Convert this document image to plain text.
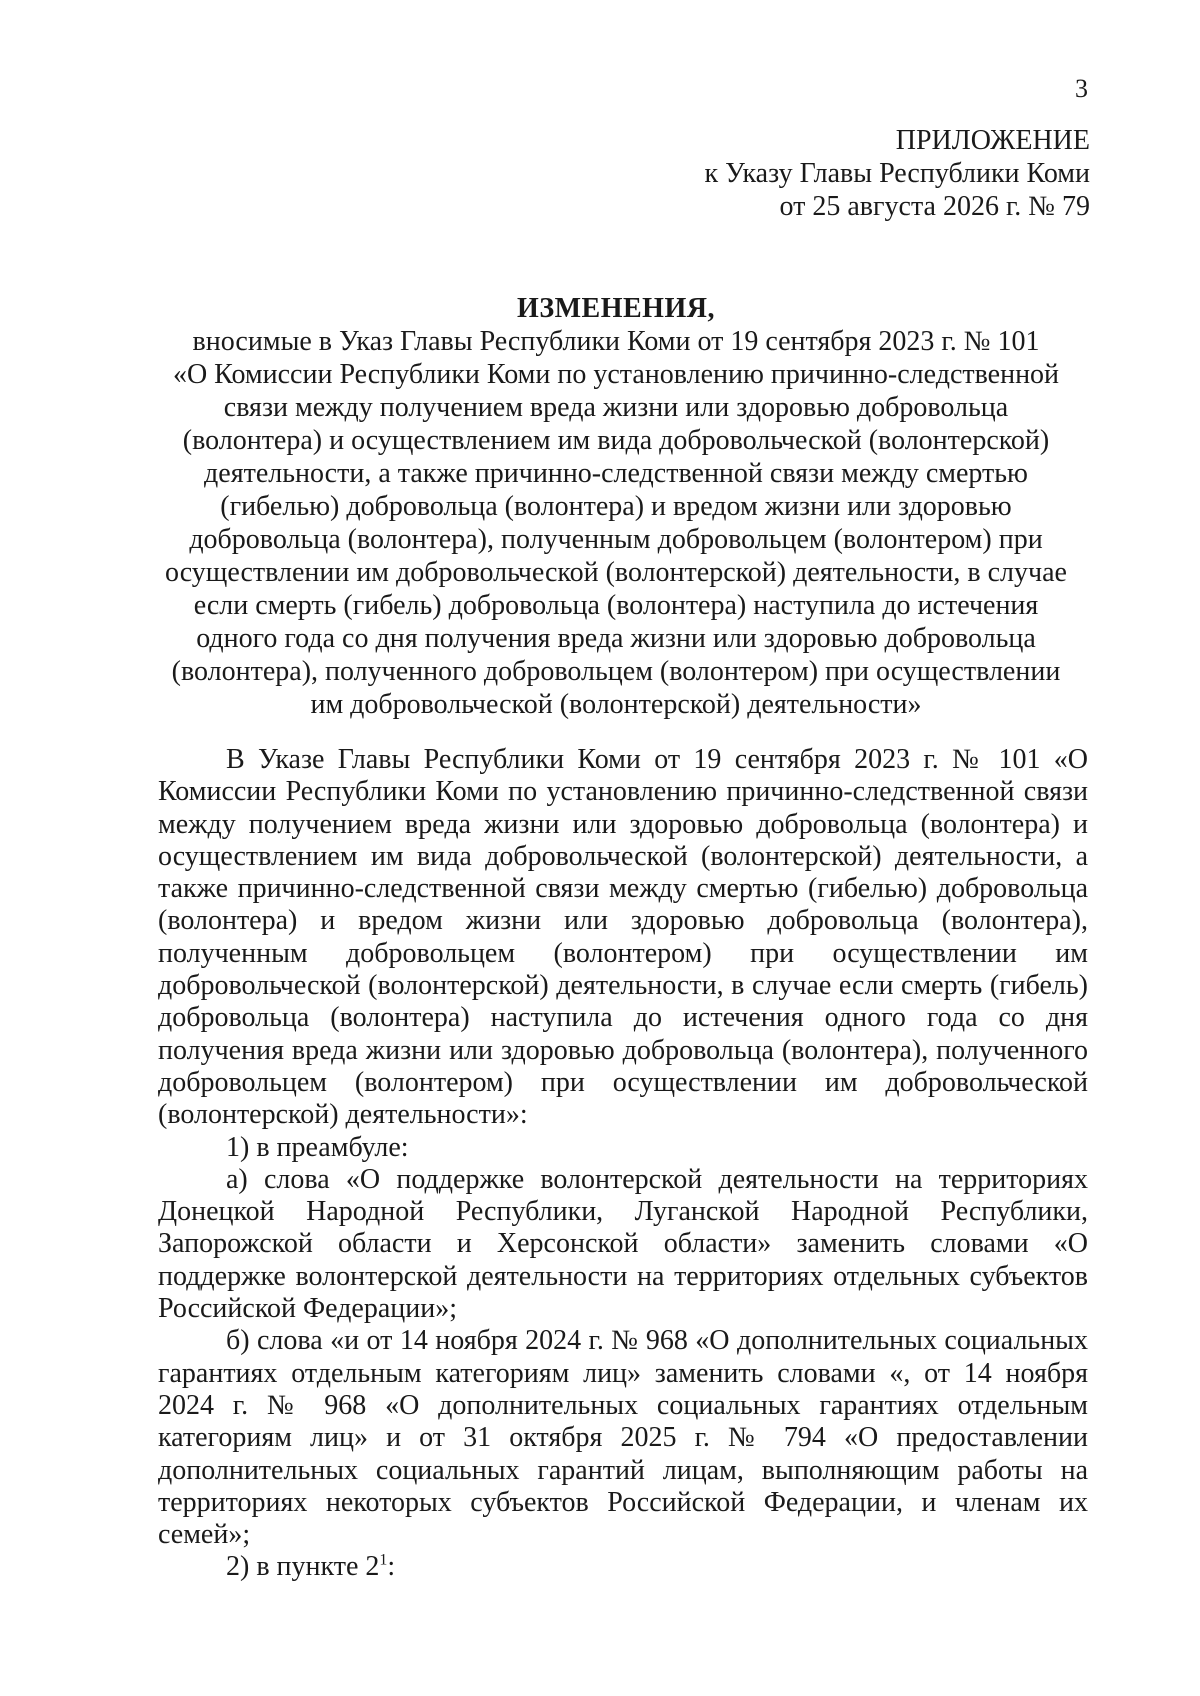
3
ПРИЛОЖЕНИЕ
к Указу Главы Республики Коми
от 25 августа 2026 г. № 79
ИЗМЕНЕНИЯ,
вносимые в Указ Главы Республики Коми от 19 сентября 2023 г. № 101
«О Комиссии Республики Коми по установлению причинно-следственной
связи между получением вреда жизни или здоровью добровольца
(волонтера) и осуществлением им вида добровольческой (волонтерской)
деятельности, а также причинно-следственной связи между смертью
(гибелью) добровольца (волонтера) и вредом жизни или здоровью
добровольца (волонтера), полученным добровольцем (волонтером) при
осуществлении им добровольческой (волонтерской) деятельности, в случае
если смерть (гибель) добровольца (волонтера) наступила до истечения
одного года со дня получения вреда жизни или здоровью добровольца
(волонтера), полученного добровольцем (волонтером) при осуществлении
им добровольческой (волонтерской) деятельности»

В Указе Главы Республики Коми от 19 сентября 2023 г. № 101 «О Комиссии Республики Коми по установлению причинно-следственной связи между получением вреда жизни или здоровью добровольца (волонтера) и осуществлением им вида добровольческой (волонтерской) деятельности, а также причинно-следственной связи между смертью (гибелью) добровольца (волонтера) и вредом жизни или здоровью добровольца (волонтера), полученным добровольцем (волонтером) при осуществлении им добровольческой (волонтерской) деятельности, в случае если смерть (гибель) добровольца (волонтера) наступила до истечения одного года со дня получения вреда жизни или здоровью добровольца (волонтера), полученного добровольцем (волонтером) при осуществлении им добровольческой (волонтерской) деятельности»:

1) в преамбуле:

а) слова «О поддержке волонтерской деятельности на территориях Донецкой Народной Республики, Луганской Народной Республики, Запорожской области и Херсонской области» заменить словами «О поддержке волонтерской деятельности на территориях отдельных субъектов Российской Федерации»;

б) слова «и от 14 ноября 2024 г. № 968 «О дополнительных социальных гарантиях отдельным категориям лиц» заменить словами «, от 14 ноября 2024 г. № 968 «О дополнительных социальных гарантиях отдельным категориям лиц» и от 31 октября 2025 г. № 794 «О предоставлении дополнительных социальных гарантий лицам, выполняющим работы на территориях некоторых субъектов Российской Федерации, и членам их семей»;

2) в пункте $2^1$:
